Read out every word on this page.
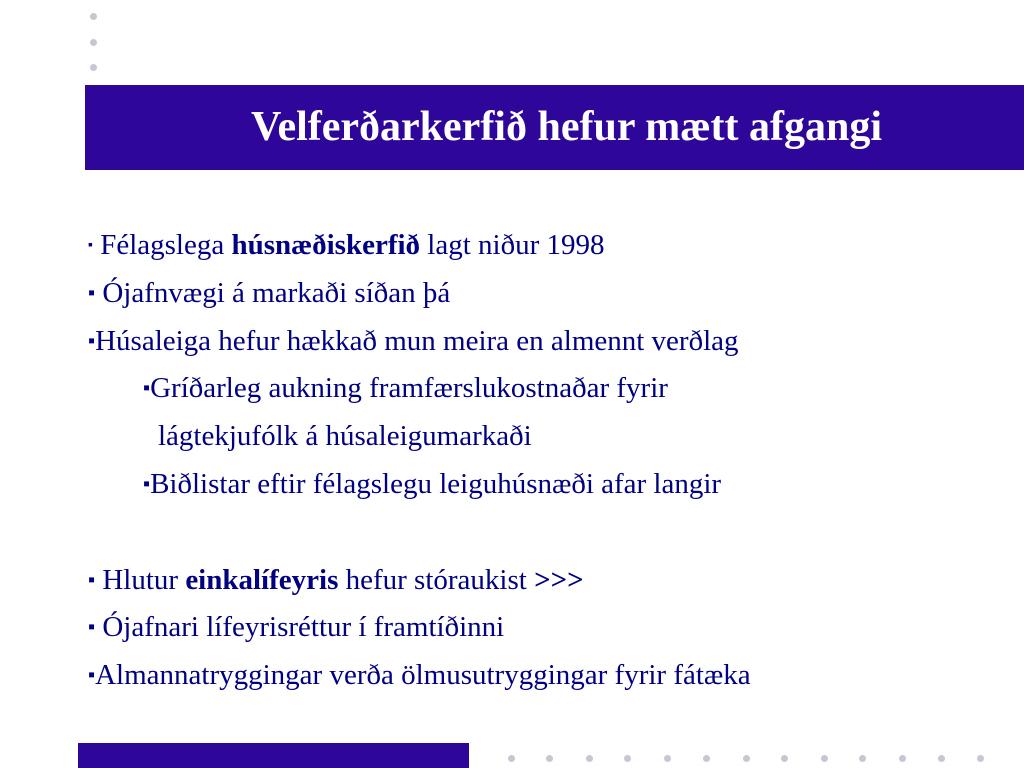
Velferðarkerfið hefur mætt afgangi
▪ Félagslega húsnæðiskerfið lagt niður 1998
▪ Ójafnvægi á markaði síðan þá
▪Húsaleiga hefur hækkað mun meira en almennt verðlag
▪Gríðarleg aukning framfærslukostnaðar fyrir
lágtekjufólk á húsaleigumarkaði
▪Biðlistar eftir félagslegu leiguhúsnæði afar langir
▪ Hlutur einkalífeyris hefur stóraukist >>>
▪ Ójafnari lífeyrisréttur í framtíðinni
▪Almannatryggingar verða ölmusutryggingar fyrir fátæka
